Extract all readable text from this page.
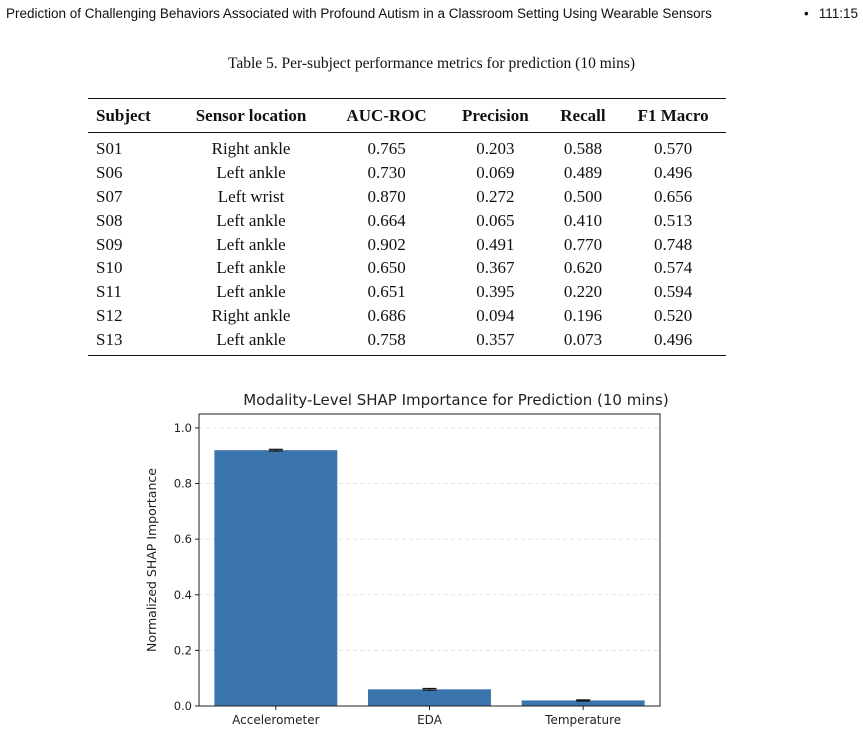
Prediction of Challenging Behaviors Associated with Profound Autism in a Classroom Setting Using Wearable Sensors	• 111:15
Table 5. Per-subject performance metrics for prediction (10 mins)
Subject	Sensor location	AUC-ROC	Precision	Recall	F1 Macro
S01	Right ankle	0.765	0.203	0.588	0.570
S06	Left ankle	0.730	0.069	0.489	0.496
S07	Left wrist	0.870	0.272	0.500	0.656
S08	Left ankle	0.664	0.065	0.410	0.513
S09	Left ankle	0.902	0.491	0.770	0.748
S10	Left ankle	0.650	0.367	0.620	0.574
S11	Left ankle	0.651	0.395	0.220	0.594
S12	Right ankle	0.686	0.094	0.196	0.520
S13	Left ankle	0.758	0.357	0.073	0.496
Modality-Level SHAP Importance for Prediction (10 mins)
0.0
0.2
0.4
0.6
0.8
1.0
Accelerometer	EDA	Temperature
Normalized SHAP Importance
